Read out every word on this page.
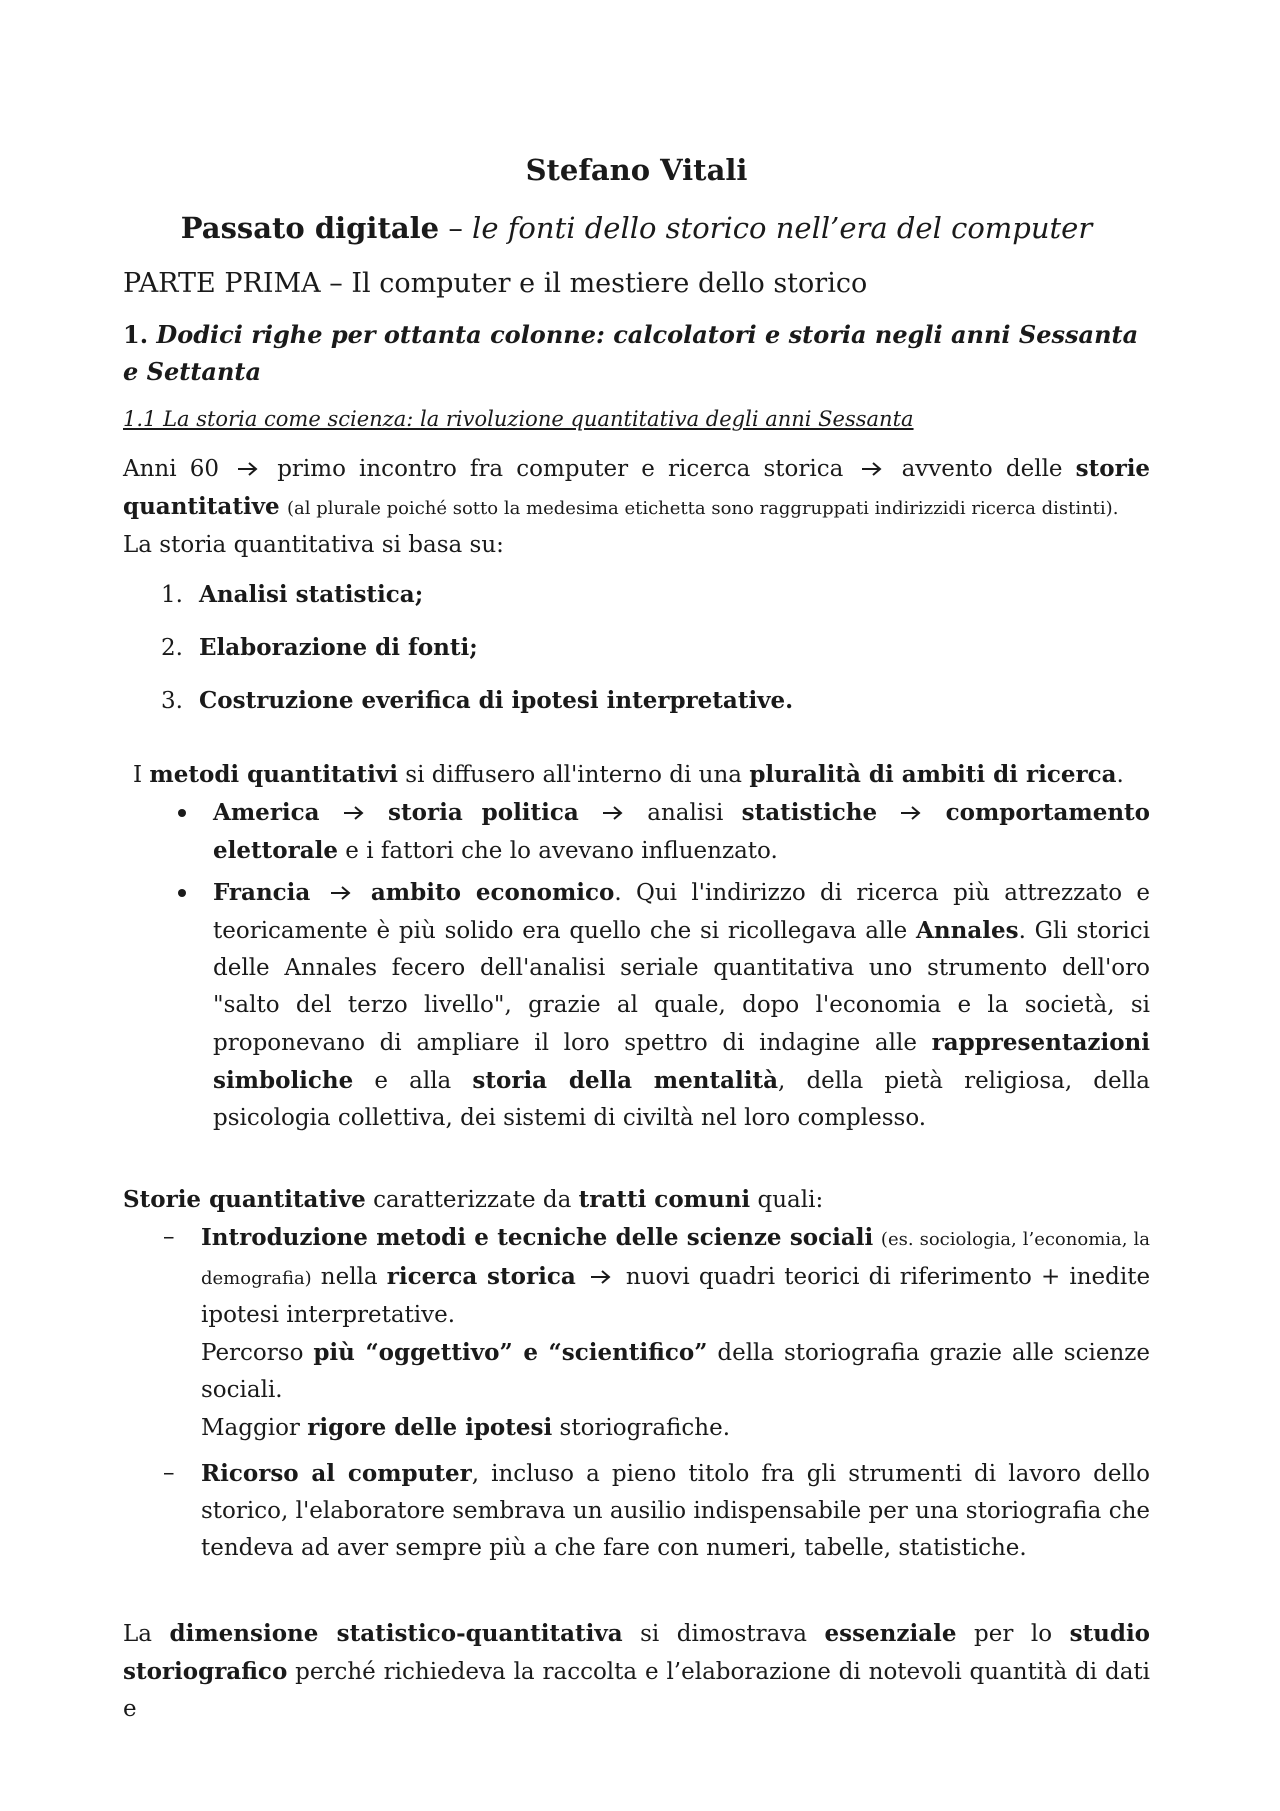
Stefano Vitali
Passato digitale – le fonti dello storico nell’era del computer
PARTE PRIMA – Il computer e il mestiere dello storico
1. Dodici righe per ottanta colonne: calcolatori e storia negli anni Sessanta e Settanta
1.1 La storia come scienza: la rivoluzione quantitativa degli anni Sessanta

Anni 60	primo incontro fra computer e ricerca storica	avvento delle storie quantitative (al plurale poiché sotto la medesima etichetta sono raggruppati indirizzidi ricerca distinti).

La storia quantitativa si basa su:

1. Analisi statistica;
2. Elaborazione di fonti;
3. Costruzione everifica di ipotesi interpretative.

I metodi quantitativi si diffusero all'interno di una pluralità di ambiti di ricerca.

America	storia politica	analisi statistiche	comportamento elettorale e i fattori che lo avevano influenzato.

Francia	ambito economico. Qui l'indirizzo di ricerca più attrezzato e teoricamente è più solido era quello che si ricollegava alle Annales. Gli storici delle Annales fecero dell'analisi seriale quantitativa uno strumento dell'oro "salto del terzo livello", grazie al quale, dopo l'economia e la società, si proponevano di ampliare il loro spettro di indagine alle rappresentazioni simboliche e alla storia della mentalità, della pietà religiosa, della psicologia collettiva, dei sistemi di civiltà nel loro complesso.

Storie quantitative caratterizzate da tratti comuni quali:

– Introduzione metodi e tecniche delle scienze sociali (es. sociologia, l’economia, la demografia) nella ricerca storica nuovi quadri teorici di riferimento + inedite ipotesi interpretative.

Percorso più “oggettivo” e “scientifico” della storiografia grazie alle scienze sociali.

Maggior rigore delle ipotesi storiografiche.

– Ricorso al computer, incluso a pieno titolo fra gli strumenti di lavoro dello storico, l'elaboratore sembrava un ausilio indispensabile per una storiografia che tendeva ad aver sempre più a che fare con numeri, tabelle, statistiche.

La dimensione statistico-quantitativa si dimostrava essenziale per lo studio storiografico perché richiedeva la raccolta e l’elaborazione di notevoli quantità di dati e
